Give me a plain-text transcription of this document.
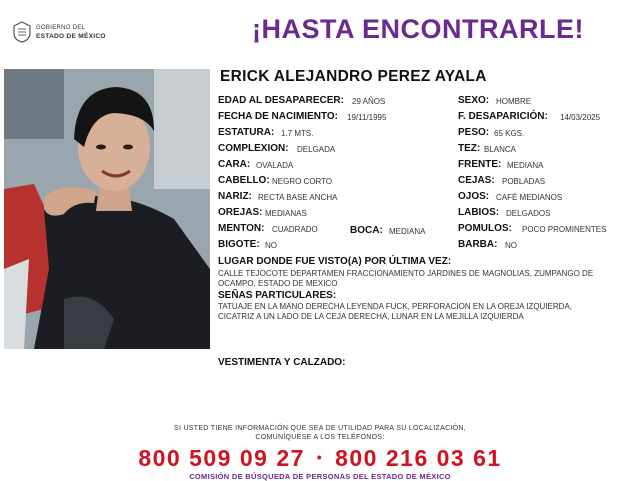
GOBIERNO DEL
ESTADO DE MÉXICO	¡HASTA ENCONTRARLE!
ERICK ALEJANDRO PEREZ AYALA
EDAD AL DESAPARECER: 29 AÑOS
FECHA DE NACIMIENTO: 19/11/1995
ESTATURA: 1.7 MTS.
COMPLEXION: DELGADA
CARA: OVALADA
CABELLO: NEGRO CORTO
NARIZ: RECTA BASE ANCHA
OREJAS: MEDIANAS
MENTON: CUADRADO	BOCA: MEDIANA
BIGOTE: NO
SEXO: HOMBRE
F. DESAPARICIÓN: 14/03/2025
PESO: 65 KGS.
TEZ: BLANCA
FRENTE: MEDIANA
CEJAS: POBLADAS
OJOS: CAFÉ MEDIANOS
LABIOS: DELGADOS
POMULOS: POCO PROMINENTES
BARBA: NO
LUGAR DONDE FUE VISTO(A) POR ÚLTIMA VEZ:
CALLE TEJOCOTE DEPARTAMEN FRACCIONAMIENTO JARDINES DE MAGNOLIAS, ZUMPANGO DE OCAMPO, ESTADO DE MEXICO
SEÑAS PARTICULARES:
TATUAJE EN LA MANO DERECHA LEYENDA FUCK, PERFORACION EN LA OREJA IZQUIERDA, CICATRIZ A UN LADO DE LA CEJA DERECHA, LUNAR EN LA MEJILLA IZQUIERDA
VESTIMENTA Y CALZADO:
SI USTED TIENE INFORMACIÓN QUE SEA DE UTILIDAD PARA SU LOCALIZACIÓN,
COMUNÍQUESE A LOS TELÉFONOS:
800 509 09 27 • 800 216 03 61
COMISIÓN DE BÚSQUEDA DE PERSONAS DEL ESTADO DE MÉXICO
